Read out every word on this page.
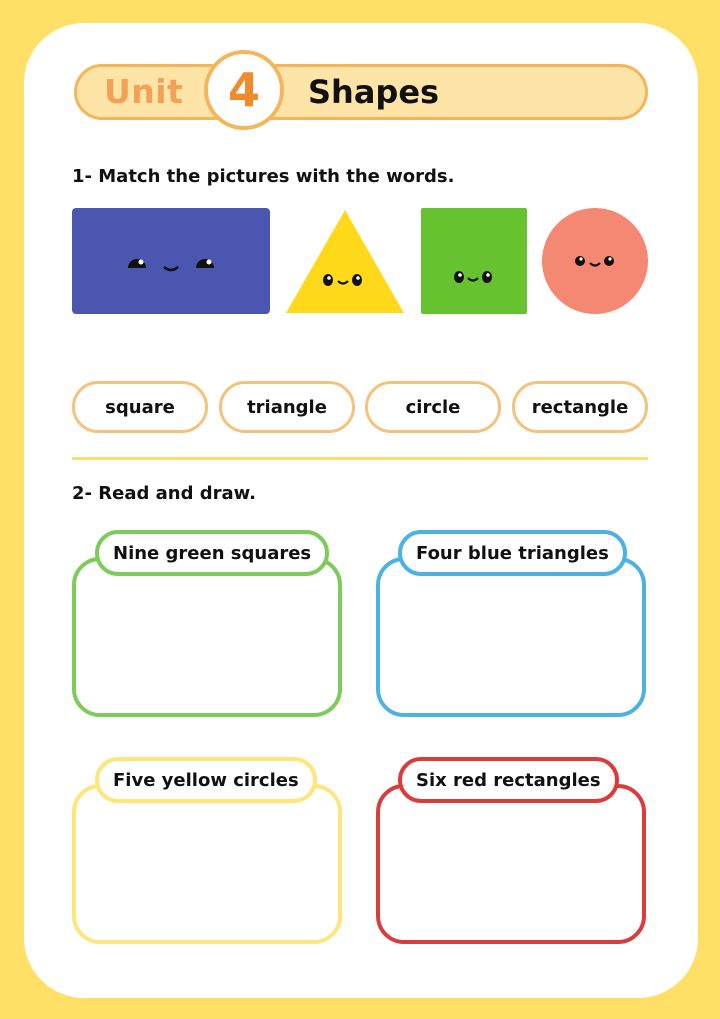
Unit 4 Shapes
1- Match the pictures with the words.
square	triangle	circle	rectangle
2- Read and draw.
Nine green squares	Four blue triangles
Five yellow circles	Six red rectangles
